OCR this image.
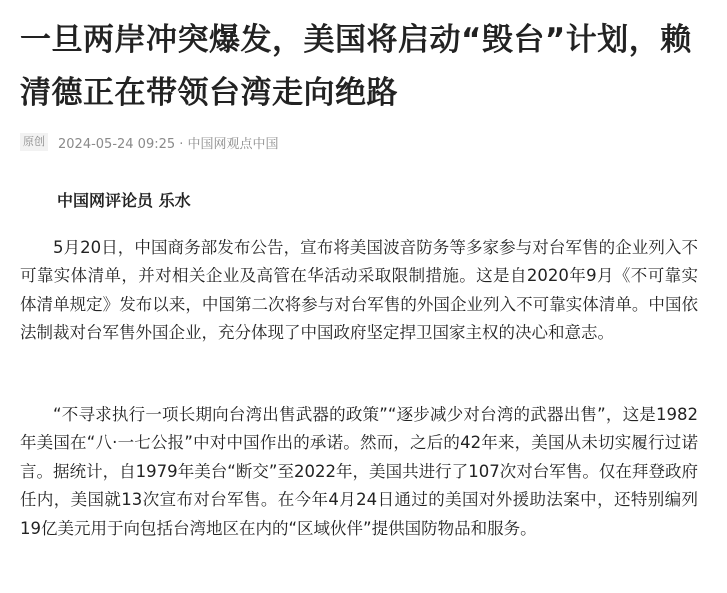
一旦两岸冲突爆发，美国将启动“毁台”计划，赖清德正在带领台湾走向绝路
原创 2024-05-24 09:25 · 中国网观点中国

中国网评论员 乐水

5月20日，中国商务部发布公告，宣布将美国波音防务等多家参与对台军售的企业列入不可靠实体清单，并对相关企业及高管在华活动采取限制措施。这是自2020年9月《不可靠实体清单规定》发布以来，中国第二次将参与对台军售的外国企业列入不可靠实体清单。中国依法制裁对台军售外国企业，充分体现了中国政府坚定捍卫国家主权的决心和意志。

“不寻求执行一项长期向台湾出售武器的政策”“逐步减少对台湾的武器出售”，这是1982年美国在“八·一七公报”中对中国作出的承诺。然而，之后的42年来，美国从未切实履行过诺言。据统计，自1979年美台“断交”至2022年，美国共进行了107次对台军售。仅在拜登政府任内，美国就13次宣布对台军售。在今年4月24日通过的美国对外援助法案中，还特别编列19亿美元用于向包括台湾地区在内的“区域伙伴”提供国防物品和服务。
